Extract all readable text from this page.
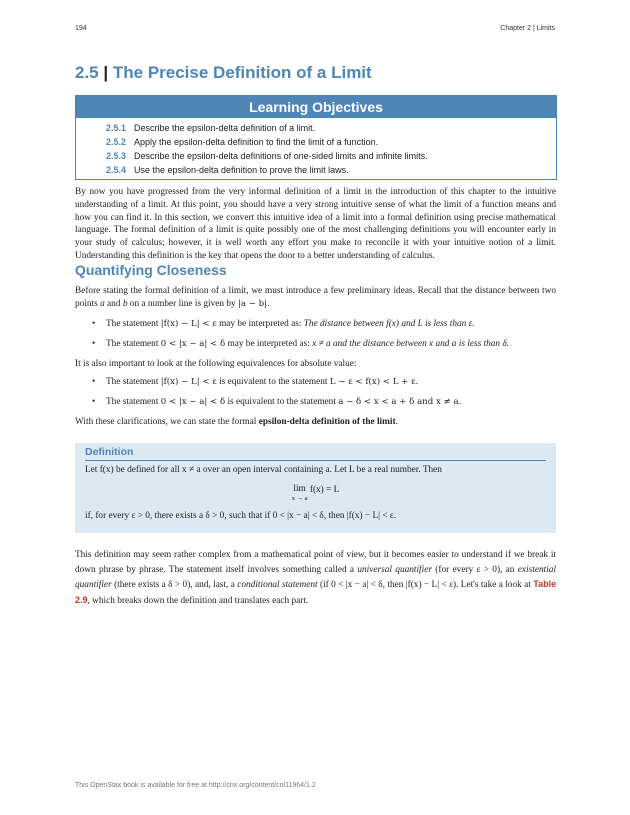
194	Chapter 2 | Limits
2.5 | The Precise Definition of a Limit
Learning Objectives
2.5.1 Describe the epsilon-delta definition of a limit.
2.5.2 Apply the epsilon-delta definition to find the limit of a function.
2.5.3 Describe the epsilon-delta definitions of one-sided limits and infinite limits.
2.5.4 Use the epsilon-delta definition to prove the limit laws.
By now you have progressed from the very informal definition of a limit in the introduction of this chapter to the intuitive understanding of a limit. At this point, you should have a very strong intuitive sense of what the limit of a function means and how you can find it. In this section, we convert this intuitive idea of a limit into a formal definition using precise mathematical language. The formal definition of a limit is quite possibly one of the most challenging definitions you will encounter early in your study of calculus; however, it is well worth any effort you make to reconcile it with your intuitive notion of a limit. Understanding this definition is the key that opens the door to a better understanding of calculus.
Quantifying Closeness
Before stating the formal definition of a limit, we must introduce a few preliminary ideas. Recall that the distance between two points a and b on a number line is given by |a − b|.
• The statement |f(x) − L| < ε may be interpreted as: The distance between f(x) and L is less than ε.
• The statement 0 < |x − a| < δ may be interpreted as: x ≠ a and the distance between x and a is less than δ.
It is also important to look at the following equivalences for absolute value:
• The statement |f(x) − L| < ε is equivalent to the statement L − ε < f(x) < L + ε.
• The statement 0 < |x − a| < δ is equivalent to the statement a − δ < x < a + δ and x ≠ a.
With these clarifications, we can state the formal epsilon-delta definition of the limit.
Definition
Let f(x) be defined for all x ≠ a over an open interval containing a. Let L be a real number. Then
lim
x → a
f(x) = L
if, for every ε > 0, there exists a δ > 0, such that if 0 < |x − a| < δ, then |f(x) − L| < ε.
This definition may seem rather complex from a mathematical point of view, but it becomes easier to understand if we break it down phrase by phrase. The statement itself involves something called a universal quantifier (for every ε > 0), an existential quantifier (there exists a δ > 0), and, last, a conditional statement (if 0 < |x − a| < δ, then |f(x) − L| < ε). Let's take a look at Table 2.9, which breaks down the definition and translates each part.
This OpenStax book is available for free at http://cnx.org/content/col11964/1.2
